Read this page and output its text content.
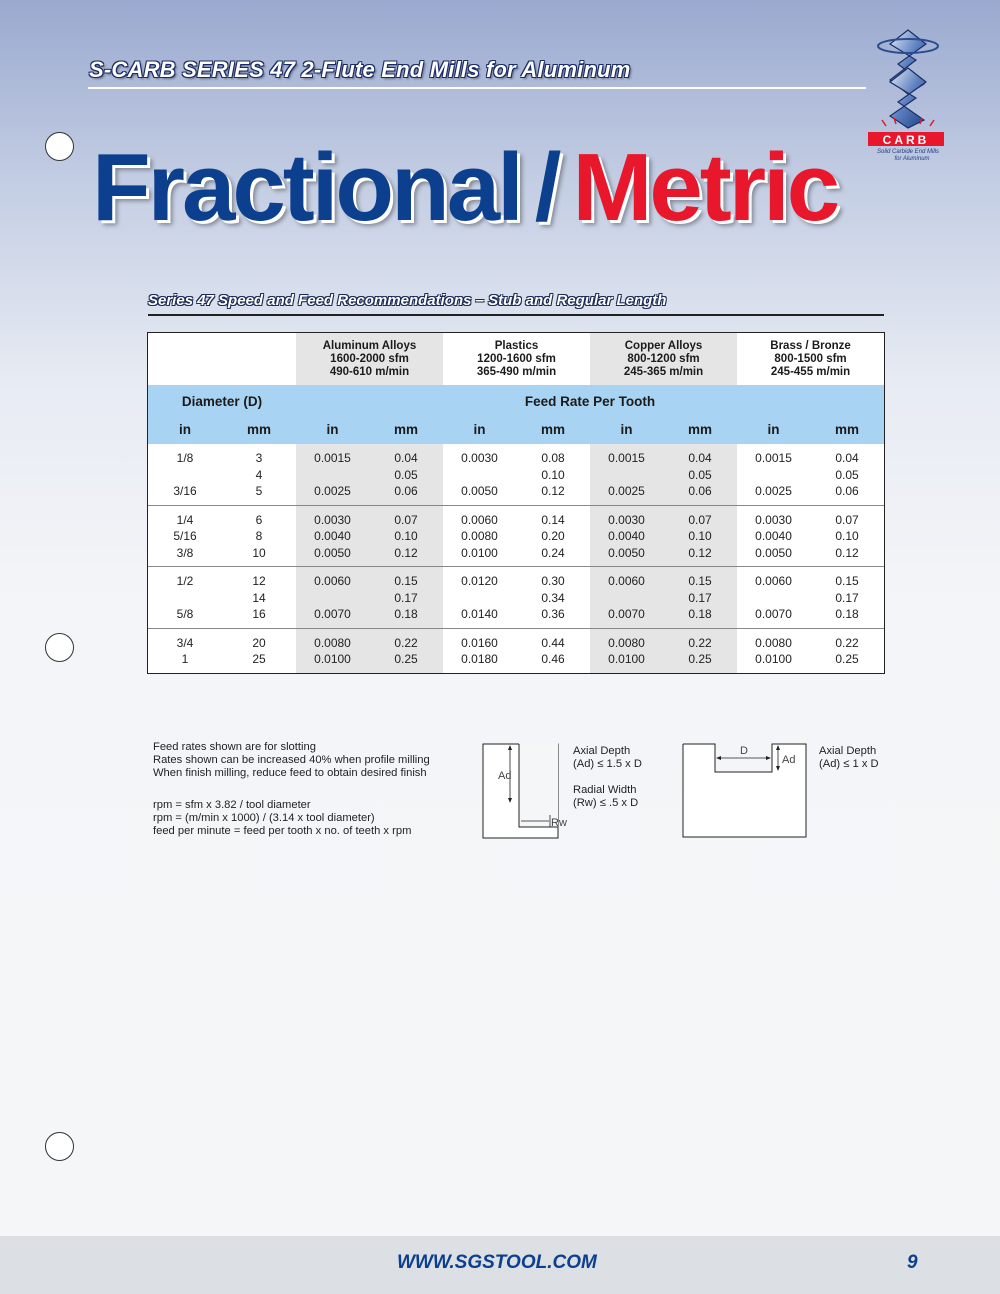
S-CARB SERIES 47 2-Flute End Mills for Aluminum
CARB
Solid Carbide End Mills
for Aluminum
Fractional / Metric
Series 47 Speed and Feed Recommendations – Stub and Regular Length
		Aluminum Alloys
1600-2000 sfm
490-610 m/min		Plastics
1200-1600 sfm
365-490 m/min		Copper Alloys
800-1200 sfm
245-365 m/min		Brass / Bronze
800-1500 sfm
245-455 m/min	
Diameter (D)		Feed Rate Per Tooth							
in	mm	in	mm	in	mm	in	mm	in	mm
1/8	3	0.0015	0.04	0.0030	0.08	0.0015	0.04	0.0015	0.04
	4		0.05		0.10		0.05		0.05
3/16	5	0.0025	0.06	0.0050	0.12	0.0025	0.06	0.0025	0.06
1/4	6	0.0030	0.07	0.0060	0.14	0.0030	0.07	0.0030	0.07
5/16	8	0.0040	0.10	0.0080	0.20	0.0040	0.10	0.0040	0.10
3/8	10	0.0050	0.12	0.0100	0.24	0.0050	0.12	0.0050	0.12
1/2	12	0.0060	0.15	0.0120	0.30	0.0060	0.15	0.0060	0.15
	14		0.17		0.34		0.17		0.17
5/8	16	0.0070	0.18	0.0140	0.36	0.0070	0.18	0.0070	0.18
3/4	20	0.0080	0.22	0.0160	0.44	0.0080	0.22	0.0080	0.22
1	25	0.0100	0.25	0.0180	0.46	0.0100	0.25	0.0100	0.25

Feed rates shown are for slotting

Rates shown can be increased 40% when profile milling

When finish milling, reduce feed to obtain desired finish

rpm = sfm x 3.82 / tool diameter

rpm = (m/min x 1000) / (3.14 x tool diameter)

feed per minute = feed per tooth x no. of teeth x rpm

Ad
Rw
Axial Depth
(Ad) ≤ 1.5 x D
Radial Width
(Rw) ≤ .5 x D
D
Ad
Axial Depth
(Ad) ≤ 1 x D
WWW.SGSTOOL.COM	9
